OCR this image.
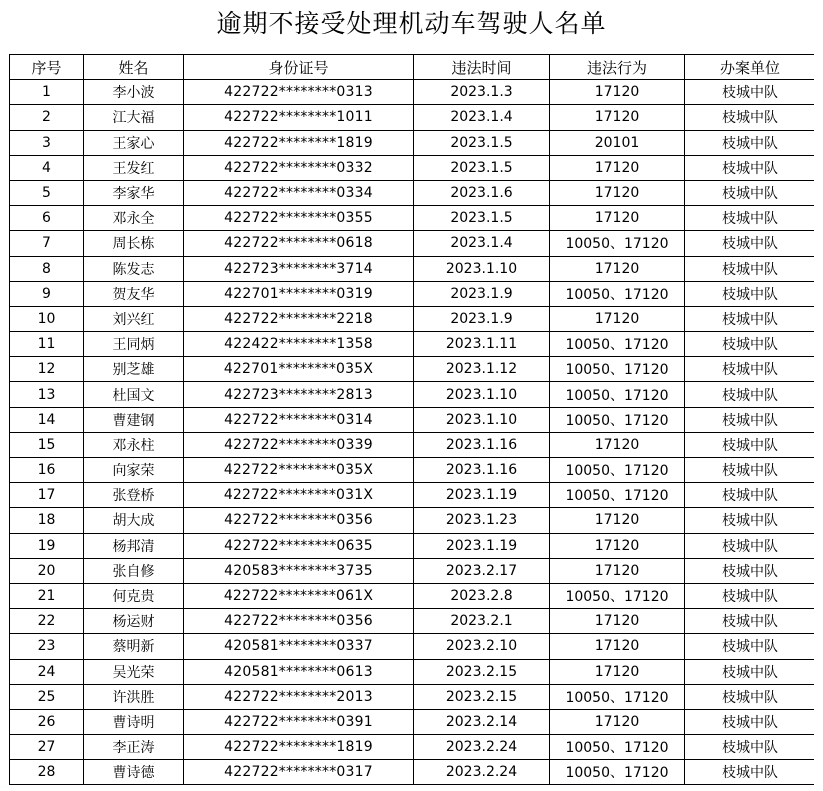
逾期不接受处理机动车驾驶人名单
序号	姓名	身份证号	违法时间	违法行为	办案单位
1	李小波	422722********0313	2023.1.3	17120	枝城中队
2	江大福	422722********1011	2023.1.4	17120	枝城中队
3	王家心	422722********1819	2023.1.5	20101	枝城中队
4	王发红	422722********0332	2023.1.5	17120	枝城中队
5	李家华	422722********0334	2023.1.6	17120	枝城中队
6	邓永全	422722********0355	2023.1.5	17120	枝城中队
7	周长栋	422722********0618	2023.1.4	10050、17120	枝城中队
8	陈发志	422723********3714	2023.1.10	17120	枝城中队
9	贺友华	422701********0319	2023.1.9	10050、17120	枝城中队
10	刘兴红	422722********2218	2023.1.9	17120	枝城中队
11	王同炳	422422********1358	2023.1.11	10050、17120	枝城中队
12	别芝雄	422701********035X	2023.1.12	10050、17120	枝城中队
13	杜国文	422723********2813	2023.1.10	10050、17120	枝城中队
14	曹建钢	422722********0314	2023.1.10	10050、17120	枝城中队
15	邓永柱	422722********0339	2023.1.16	17120	枝城中队
16	向家荣	422722********035X	2023.1.16	10050、17120	枝城中队
17	张登桥	422722********031X	2023.1.19	10050、17120	枝城中队
18	胡大成	422722********0356	2023.1.23	17120	枝城中队
19	杨邦清	422722********0635	2023.1.19	17120	枝城中队
20	张自修	420583********3735	2023.2.17	17120	枝城中队
21	何克贵	422722********061X	2023.2.8	10050、17120	枝城中队
22	杨运财	422722********0356	2023.2.1	17120	枝城中队
23	蔡明新	420581********0337	2023.2.10	17120	枝城中队
24	吴光荣	420581********0613	2023.2.15	17120	枝城中队
25	许洪胜	422722********2013	2023.2.15	10050、17120	枝城中队
26	曹诗明	422722********0391	2023.2.14	17120	枝城中队
27	李正涛	422722********1819	2023.2.24	10050、17120	枝城中队
28	曹诗德	422722********0317	2023.2.24	10050、17120	枝城中队
